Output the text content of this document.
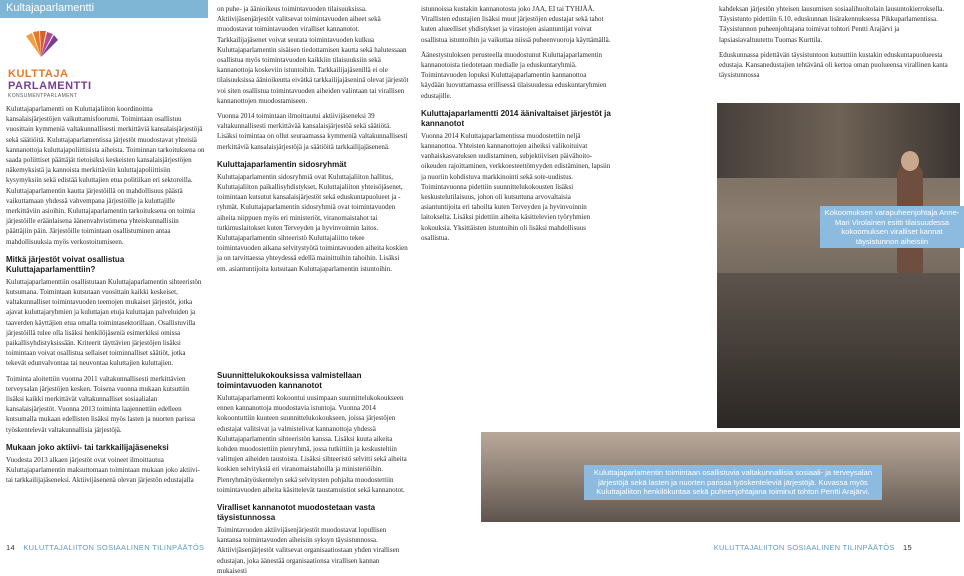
Kultajaparlamentti
KULTTAJA
PARLAMENTTI
KONSUMENTPARLAMENT

Kuluttajaparlamentti on Kuluttajaliiton koordinoima kansalaisjärjestöjen vaikuttamisfoorumi. Toimintaan osallistuu vuosittain kymmeniä valtakunnallisesti merkittäviä kansalaisjärjestöjä sekä säätiöitä. Kuluttajaparlamentissa järjestöt muodostavat yhteisiä kannanottoja kuluttajapoliittisista aiheista. Toiminnan tarkoituksena on saada poliittiset päättäjät tietoisiksi keskeisten kansalaisjärjestöjen näkemyksistä ja kannoista merkittäviin kuluttajapoliittisiin kysymyksiin sekä edistää kuluttajien etua politiikan eri sektoreilla. Kuluttajaparlamentin kautta järjestöillä on mahdollisuus päästä vaikuttamaan yhdessä vahvempana järjestöille ja kuluttajille merkittäviin asioihin. Kuluttajaparlamentin tarkoituksena on toimia järjestöille eräänlaisena äänenvahvistimena yhteiskunnallisiin päättäjiin päin. Järjestöille toimintaan osallistuminen antaa mahdollisuuksia myös verkostoitumiseen.

Mitkä järjestöt voivat osallistua Kuluttajaparlamenttiin?

Kuluttajaparlamenttiin osallistutaan Kuluttajaparlamentin sihteeristön kutsumana. Toimintaan kutsutaan vuosittain kaikki keskeiset, valtakunnalliset toimintavuoden teemojen mukaiset järjestöt, jotka ajavat kuluttajaryhmien ja kuluttajan etuja kuluttajan palveluiden ja taaverden käyttäjien etua omalla toimintasektorillaan. Osallistuvilla järjestöillä tulee olla lisäksi henkilöjäseniä esimerkiksi omissa paikallisyhdistyksissään. Kriteerit täyttävien järjestöjen lisäksi toimintaan voivat osallistua sellaiset toiminnalliset säätiöt, jotka tekevät edunvalvontaa tai neuvontaa kuluttajien kuluttajien.

Toiminta aloitettiin vuonna 2011 valtakunnallisesti merkittävien terveysalan järjestöjen kesken. Toisena vuonna mukaan kutsuttiin lisäksi kaikki merkittävät valtakunnalliset sosiaalialan kansalaisjärjestöt. Vuonna 2013 toiminta laajennettiin edelleen kutsumalla mukaan edellisten lisäksi myös lasten ja nuorten parissa työskentelevät valtakunnallisia järjestöjä.

Mukaan joko aktiivi- tai tarkkailijajäseneksi

Vuodesta 2013 alkaen järjestöt ovat voineet ilmoittautua Kuluttajaparlamentin maksuttomaan toimintaan mukaan joko aktiivi- tai tarkkailijajäseneksi. Aktiivijäsenenä olevan järjestön edustajalla

on puhe- ja äänioikeus toimintavuoden tilaisuuksissa. Aktiivijäsenjärjestöt valitsevat toimintavuoden aiheet sekä muodostavat toimintavuoden viralliset kannanotot. Tarkkailijajäsenet voivat seurata toimintavuoden kulkua Kuluttajaparlamentin sisäisen tiedottamisen kautta sekä halutessaan osallistua myös toimintavuoden kaikkiin tilaisuuksiin sekä kannanottoja koskeviin istuntoihin. Tarkkailijajäsenillä ei ole tilaisuuksissa äänioikeutta eivätkä tarkkailijajäseninä olevat järjestöt voi siten osallistua toimintavuoden aiheiden valintaan tai virallisen kannanottojen muodostamiseen.

Vuonna 2014 toimintaan ilmoittautui aktiivijäseneksi 39 valtakunnallisesti merkittävää kansalaisjärjestöä sekä säätiötä. Lisäksi toimintaa on ollut seuraamassa kymmeniä valtakunnallisesti merkittäviä kansalaisjärjestöjä ja säätiöitä tarkkailijajäsenenä.

Kuluttajaparlamentin sidosryhmät

Kuluttajaparlamentin sidosryhmiä ovat Kuluttajaliiton hallitus, Kuluttajaliiton paikallisyhdistykset, Kuluttajaliiton yhteisöjäsenet, toimintaan kutsutut kansalaisjärjestöt sekä eduskuntapuolueet ja -ryhmät. Kuluttajaparlamentin sidosryhmiä ovat toimintavuoden aiheita niippuen myös eri ministeriöt, viranomaistahot tai tutkimuslaitokset kuten Terveyden ja hyvinvoinnin laitos. Kuluttajaparlamentin sihteeristö Kuluttajaliitto tekee toimintavuoden aikana selvitystyötä toimintavuoden aiheita koskien ja on tarvittaessa yhteydessä edellä mainittuihin tahoihin. Lisäksi em. asiantuntijoita kutsutaan Kuluttajaparlamentin istuntoihin.

istunnoissa kustakin kannanotosta joko JAA, EI tai TYHJÄÄ. Virallisten edustajien lisäksi muut järjestöjen edustajat sekä tahot kuten alueelliset yhdistykset ja virastojen asiantuntijat voivat osallistua istuntoihin ja vaikuttaa niissä puheenvuoroja käyttämällä.

Äänestystuloksen perusteella muodostunut Kuluttajaparlamentin kannanotoista tiedotetaan medialle ja eduskuntaryhmiä. Toimintavuoden lopuksi Kuluttajaparlamentin kannanottoa käydään luovuttamassa erillisessä tilaisuudessa eduskuntaryhmien edustajille.

Kuluttajaparlamentti 2014 äänivaltaiset järjestöt ja kannanotot

Vuonna 2014 Kuluttajaparlamentissa muodostettiin neljä kannanottoa. Yhteisten kannanottojen aiheiksi valikoituivat vanhaiskasvatuksen uudistaminen, subjektiivisen päivähoito-oikeuden rajoittaminen, verkkoesteettömyyden edistäminen, lapsiin ja nuoriin kohdistuva markkinointi sekä sote-uudistus. Toimintavuonna pidettiin suunnittelukokousten lisäksi keskustelutilaisuus, johon oli kutsuttuna arvovaltaisia asiantuntijoita eri tahoilta kuten Terveyden ja hyvinvoinnin laitokselta. Lisäksi pidettiin aiheita käsittelevien työryhmien kokouksia. Yksittäisten istuntoihin oli lisäksi mahdollisuus osallistua.

kahdeksan järjestön yhteisen lausumisen sosiaalihuoltolain lausuntokierroksella. Täysistunto pidettiin 6.10. eduskunnan lisärakennuksessa Pikkuparlamentissa. Täysistunnon puheenjohtajana toimivat tohtori Pentti Arajärvi ja lapsiasiavaltuutettu Tuomas Kurttila.

Eduskunnassa pidettävän täysistuntoon kutsuttiin kustakin eduskuntapuolueesta edustaja. Kansanedustajien tehtävänä oli kertoa oman puolueensa virallinen kanta täysistunnossa

Kokoomuksen varapuheenjohtaja Anne-Mari Virolainen esitti tilaisuudessa kokoomuksen viralliset kannat täysistunnon aiheisiin
Kuluttajaparlamentin toimintaan osallistuvia valtakunnallisia sosiaali- ja terveysalan järjestöjä sekä lasten ja nuorten parissa työskenteleviä järjestöjä. Kuvassa myös Kuluttajaliiton henkilökuntaa sekä puheenjohtajana toiminut tohtori Pentti Arajärvi.
Suunnittelukokouksissa valmistellaan toimintavuoden kannanotot

Kuluttajaparlamentti kokoontui uusimpaan suunnittelukokoukseen ennen kannanottoja muodostavia istuntoja. Vuonna 2014 kokoontuttiin kuuteen suunnittelukokoukseen, joissa järjestöjen edustajat valitsivat ja valmistelivat kannanottoja yhdessä Kuluttajaparlamentin sihteeristön kanssa. Lisäksi kuuta aikeita kohden muodostettiin pienryhmä, jossa tutkittiin ja keskusteltiin valittujen aiheiden taustoista. Lisäksi sihteeristö selvitti sekä aiheita koskien selvityksiä eri viranomaistahoilla ja ministeriöihin. Pienryhmätyöskentelyn sekä selvitysten pohjalta muodostettiin toimintavuoden aiheita käsittelevät taustamuistiot sekä kannanotot.

Viralliset kannanotot muodostetaan vasta täysistunnossa

Toimintavuoden aktiivijäsenjärjestöt muodostavat lopullisen kantansa toimintavuoden aiheisiin syksyn täysistunnossa. Aktiivijäsenjärjestöt valitsevat organisaatiostaan yhden virallisen edustajan, joka äänestää organisaationsa virallisen kannan mukaisesti

14 KULUTTAJALIITON SOSIAALINEN TILINPÄÄTÖS	KULUTTAJALIITON SOSIAALINEN TILINPÄÄTÖS 15
